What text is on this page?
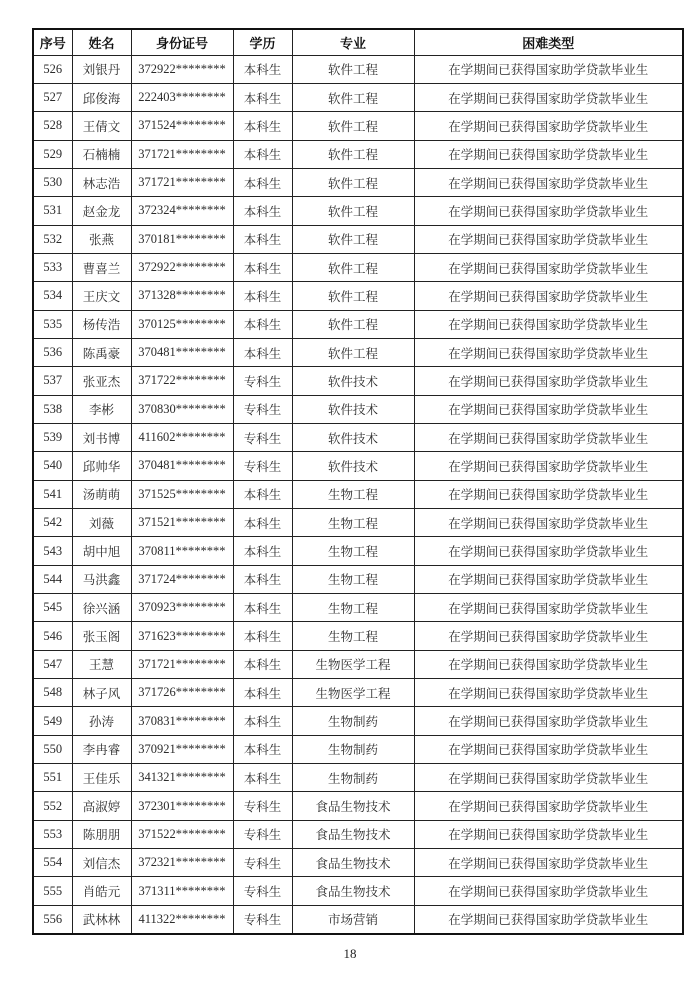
序号	姓名	身份证号	学历	专业	困难类型
526	刘银丹	372922********	本科生	软件工程	在学期间已获得国家助学贷款毕业生
527	邱俊海	222403********	本科生	软件工程	在学期间已获得国家助学贷款毕业生
528	王倩文	371524********	本科生	软件工程	在学期间已获得国家助学贷款毕业生
529	石楠楠	371721********	本科生	软件工程	在学期间已获得国家助学贷款毕业生
530	林志浩	371721********	本科生	软件工程	在学期间已获得国家助学贷款毕业生
531	赵金龙	372324********	本科生	软件工程	在学期间已获得国家助学贷款毕业生
532	张燕	370181********	本科生	软件工程	在学期间已获得国家助学贷款毕业生
533	曹喜兰	372922********	本科生	软件工程	在学期间已获得国家助学贷款毕业生
534	王庆文	371328********	本科生	软件工程	在学期间已获得国家助学贷款毕业生
535	杨传浩	370125********	本科生	软件工程	在学期间已获得国家助学贷款毕业生
536	陈禹豪	370481********	本科生	软件工程	在学期间已获得国家助学贷款毕业生
537	张亚杰	371722********	专科生	软件技术	在学期间已获得国家助学贷款毕业生
538	李彬	370830********	专科生	软件技术	在学期间已获得国家助学贷款毕业生
539	刘书博	411602********	专科生	软件技术	在学期间已获得国家助学贷款毕业生
540	邱帅华	370481********	专科生	软件技术	在学期间已获得国家助学贷款毕业生
541	汤萌萌	371525********	本科生	生物工程	在学期间已获得国家助学贷款毕业生
542	刘薇	371521********	本科生	生物工程	在学期间已获得国家助学贷款毕业生
543	胡中旭	370811********	本科生	生物工程	在学期间已获得国家助学贷款毕业生
544	马洪鑫	371724********	本科生	生物工程	在学期间已获得国家助学贷款毕业生
545	徐兴涵	370923********	本科生	生物工程	在学期间已获得国家助学贷款毕业生
546	张玉阁	371623********	本科生	生物工程	在学期间已获得国家助学贷款毕业生
547	王慧	371721********	本科生	生物医学工程	在学期间已获得国家助学贷款毕业生
548	林子风	371726********	本科生	生物医学工程	在学期间已获得国家助学贷款毕业生
549	孙涛	370831********	本科生	生物制药	在学期间已获得国家助学贷款毕业生
550	李冉睿	370921********	本科生	生物制药	在学期间已获得国家助学贷款毕业生
551	王佳乐	341321********	本科生	生物制药	在学期间已获得国家助学贷款毕业生
552	高淑婷	372301********	专科生	食品生物技术	在学期间已获得国家助学贷款毕业生
553	陈朋朋	371522********	专科生	食品生物技术	在学期间已获得国家助学贷款毕业生
554	刘信杰	372321********	专科生	食品生物技术	在学期间已获得国家助学贷款毕业生
555	肖皓元	371311********	专科生	食品生物技术	在学期间已获得国家助学贷款毕业生
556	武林林	411322********	专科生	市场营销	在学期间已获得国家助学贷款毕业生
18
